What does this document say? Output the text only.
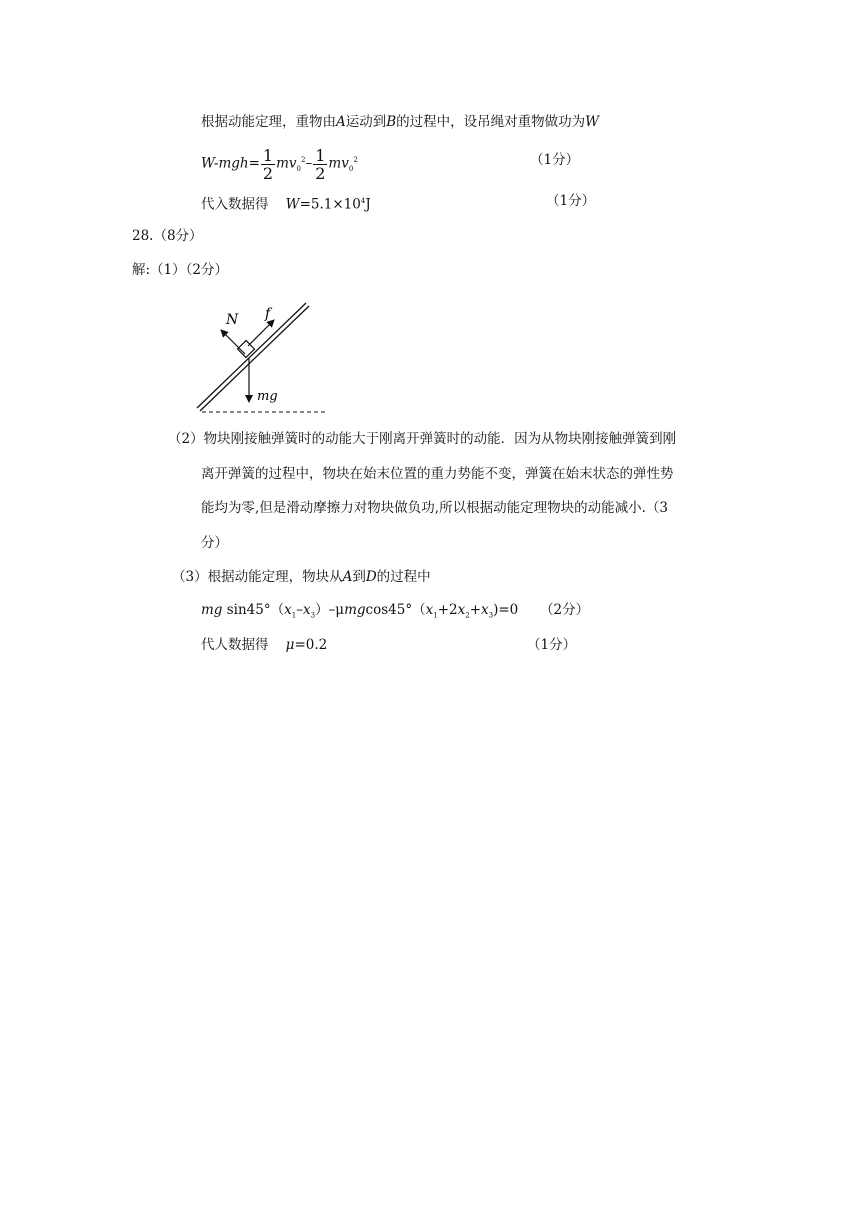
根据动能定理，重物由A运动到B的过程中，设吊绳对重物做功为W
$W-mgh= \frac{1}{2} mv_0^2- \frac{1}{2} mv_0^2$	（1分）
代入数据得 $W=5.1\times 10^4J$	（1分）
28.（8分）
解:（1）（2分）
N f
mg
（2）物块刚接触弹簧时的动能大于刚离开弹簧时的动能．因为从物块刚接触弹簧到刚
离开弹簧的过程中，物块在始末位置的重力势能不变，弹簧在始末状态的弹性势
能均为零,但是滑动摩擦力对物块做负功,所以根据动能定理物块的动能减小.（3
分）
（3）根据动能定理，物块从A到D的过程中
mg $\sin 45^\circ(x_1-x_3)-\mu mgcos45^\circ(x_1+2x_2+x_3)=0$ （2分）
代人数据得 μ=0.2	（1分）
